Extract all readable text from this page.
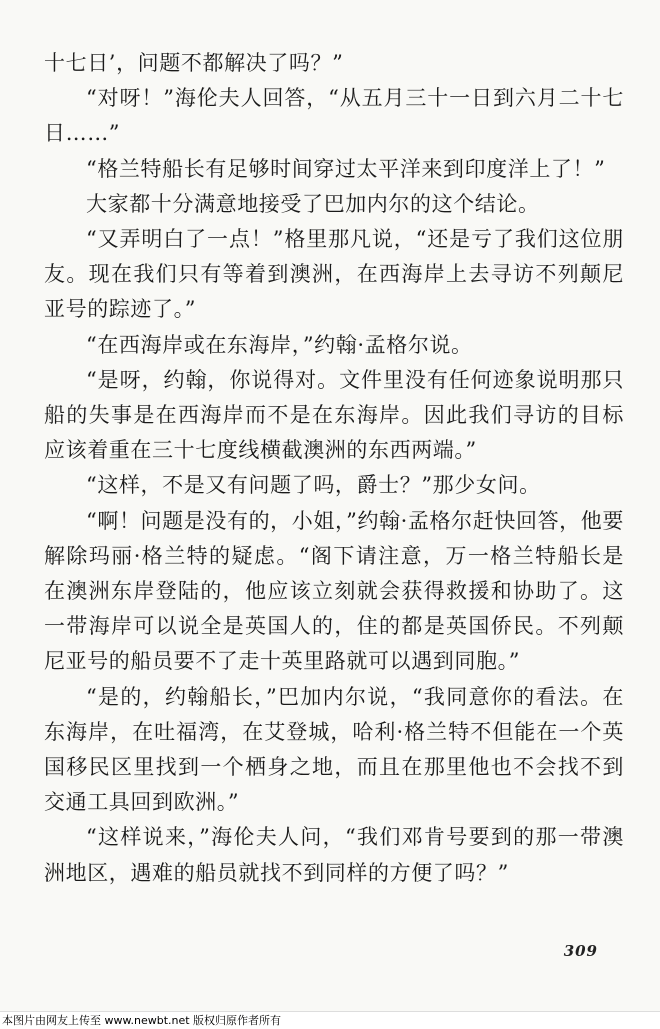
十七日’，问题不都解决了吗？”

“对呀！”海伦夫人回答，“从五月三十一日到六月二十七日……”

“格兰特船长有足够时间穿过太平洋来到印度洋上了！”

大家都十分满意地接受了巴加内尔的这个结论。

“又弄明白了一点！”格里那凡说，“还是亏了我们这位朋友。现在我们只有等着到澳洲，在西海岸上去寻访不列颠尼亚号的踪迹了。”

“在西海岸或在东海岸，”约翰·孟格尔说。

“是呀，约翰，你说得对。文件里没有任何迹象说明那只船的失事是在西海岸而不是在东海岸。因此我们寻访的目标应该着重在三十七度线横截澳洲的东西两端。”

“这样，不是又有问题了吗，爵士？”那少女问。

“啊！问题是没有的，小姐，”约翰·孟格尔赶快回答，他要解除玛丽·格兰特的疑虑。“阁下请注意，万一格兰特船长是在澳洲东岸登陆的，他应该立刻就会获得救援和协助了。这一带海岸可以说全是英国人的，住的都是英国侨民。不列颠尼亚号的船员要不了走十英里路就可以遇到同胞。”

“是的，约翰船长，”巴加内尔说，“我同意你的看法。在东海岸，在吐福湾，在艾登城，哈利·格兰特不但能在一个英国移民区里找到一个栖身之地，而且在那里他也不会找不到交通工具回到欧洲。”

“这样说来，”海伦夫人问，“我们邓肯号要到的那一带澳洲地区，遇难的船员就找不到同样的方便了吗？”

309
本图片由网友上传至 www.newbt.net 版权归原作者所有
